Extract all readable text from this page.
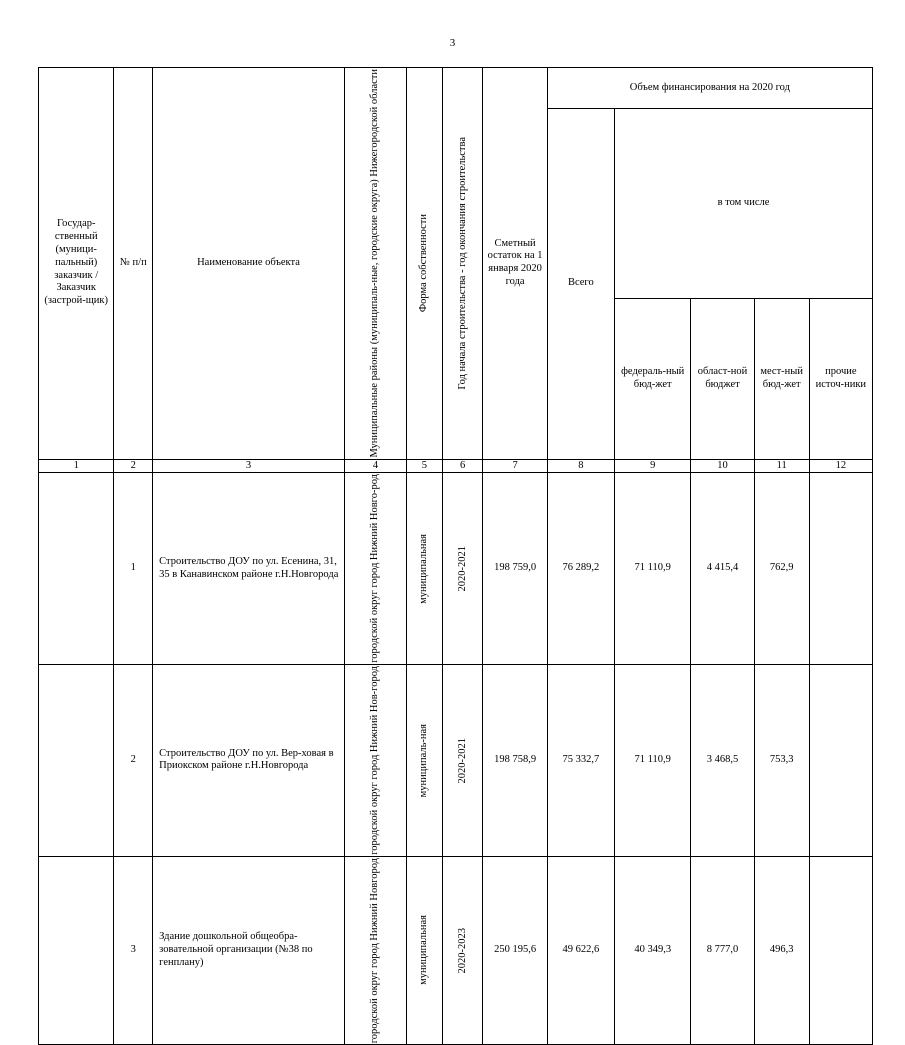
3
Государ-ственный (муници-пальный) заказчик / Заказчик (застрой-щик)	№ п/п	Наименование объекта	Муниципальные районы (муниципаль-ные, городские округа) Нижегородской области	Форма собственности	Год начала строительства - год окончания строительства	Сметный остаток на 1 января 2020 года	Объем финансирования на 2020 год				
							Всего	в том числе			
								федераль-ный бюд-жет	област-ной бюджет	мест-ный бюд-жет	прочие источ-ники
1	2	3	4	5	6	7	8	9	10	11	12
	1	Строительство ДОУ по ул. Есенина, 31, 35 в Канавинском районе г.Н.Новгорода	городской округ город Нижний Новго-род	муниципальная	2020-2021	198 759,0	76 289,2	71 110,9	4 415,4	762,9	
	2	Строительство ДОУ по ул. Вер-ховая в Приокском районе г.Н.Новгорода	городской округ город Нижний Нов-город	муниципаль-ная	2020-2021	198 758,9	75 332,7	71 110,9	3 468,5	753,3	
	3	Здание дошкольной общеобра-зовательной организации (№38 по генплану)	городской округ город Нижний Новгород	муниципальная	2020-2023	250 195,6	49 622,6	40 349,3	8 777,0	496,3	
